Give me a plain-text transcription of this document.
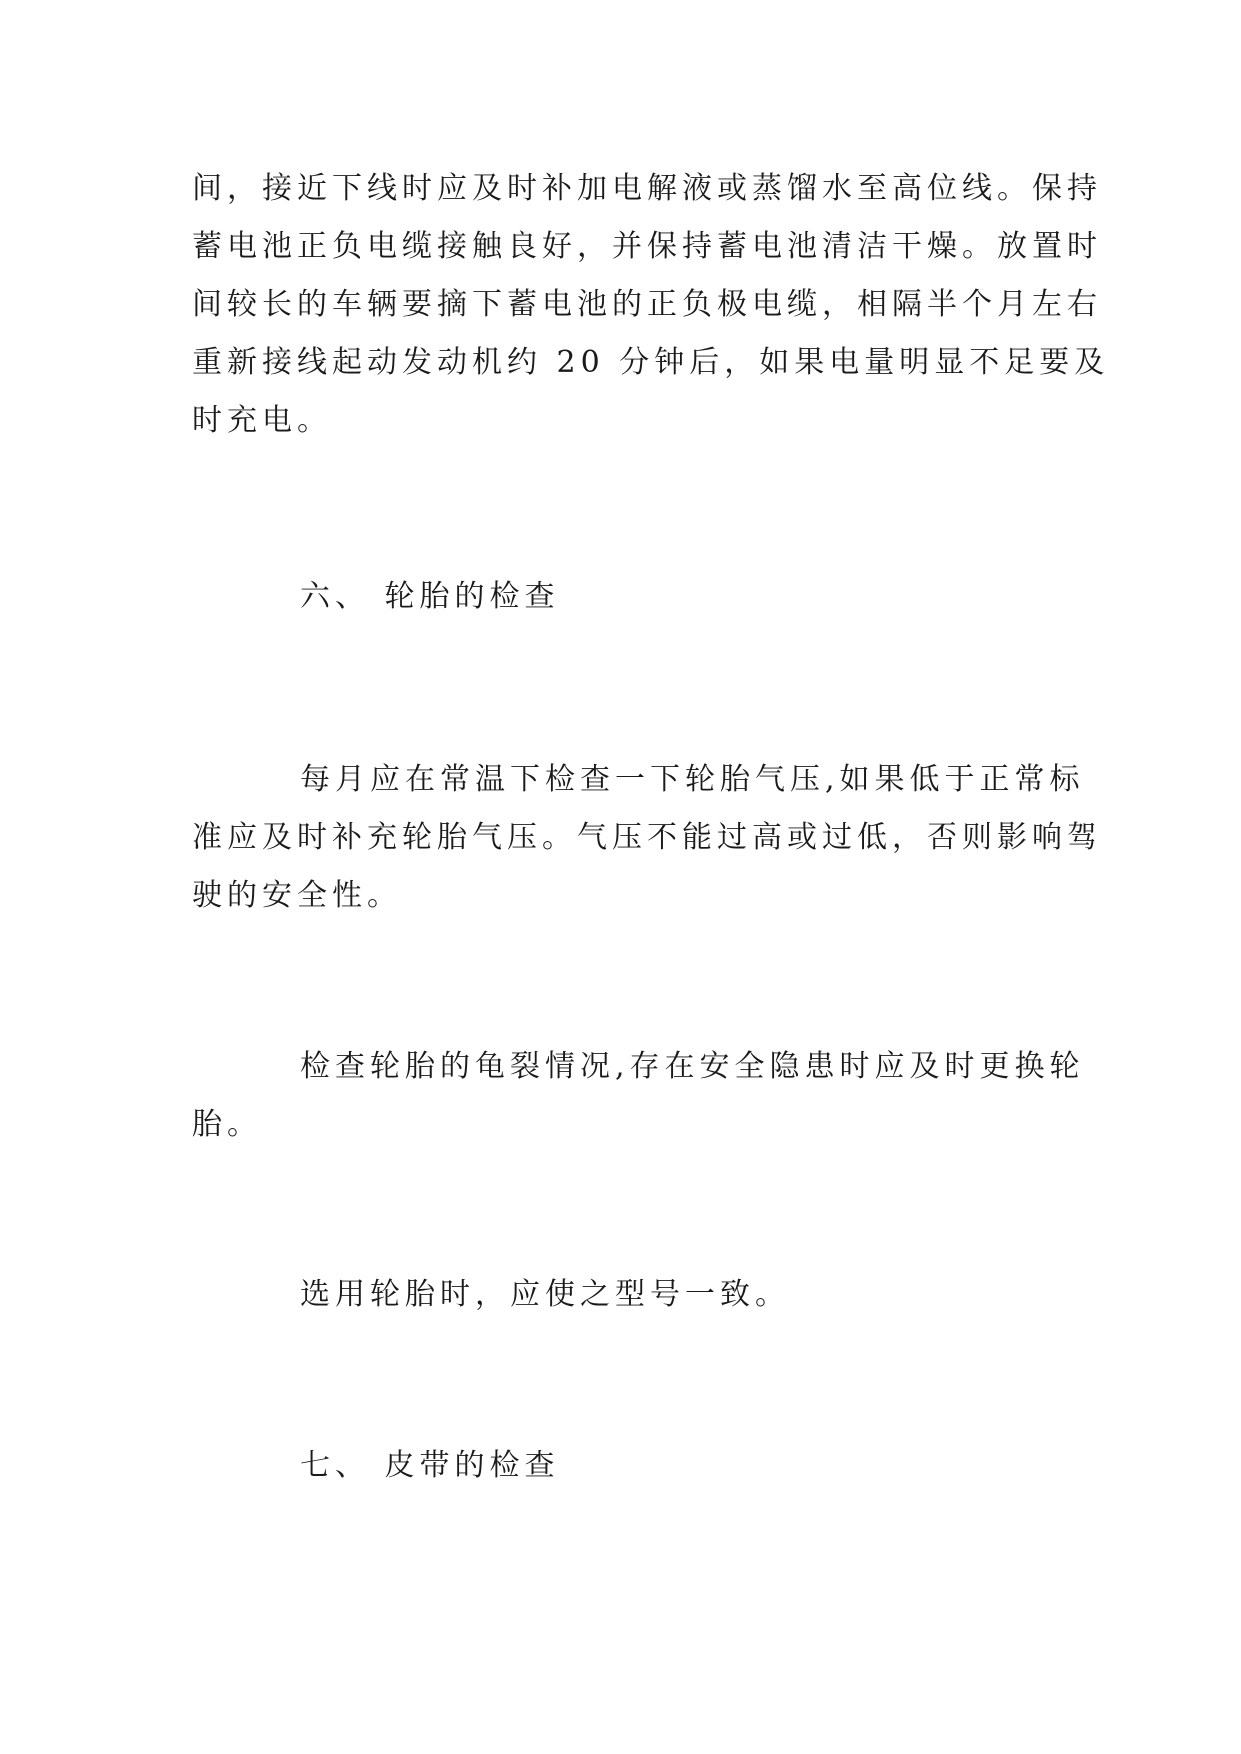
间，接近下线时应及时补加电解液或蒸馏水至高位线。保持
蓄电池正负电缆接触良好，并保持蓄电池清洁干燥。放置时
间较长的车辆要摘下蓄电池的正负极电缆，相隔半个月左右
重新接线起动发动机约 20 分钟后，如果电量明显不足要及
时充电。
六、 轮胎的检查
每月应在常温下检查一下轮胎气压,如果低于正常标
准应及时补充轮胎气压。气压不能过高或过低，否则影响驾
驶的安全性。
检查轮胎的龟裂情况,存在安全隐患时应及时更换轮
胎。
选用轮胎时，应使之型号一致。
七、 皮带的检查
